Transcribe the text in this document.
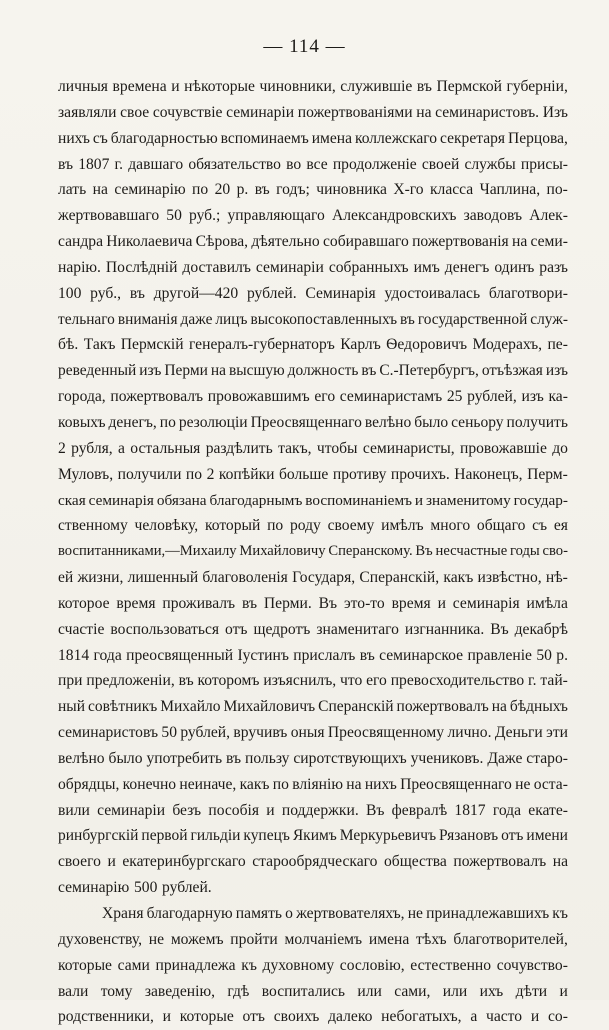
— 114 —
личныя времена и нѣкоторые чиновники, служившіе въ Пермской губерніи,
заявляли свое сочувствіе семинаріи пожертвованіями на семинаристовъ. Изъ
нихъ съ благодарностью вспоминаемъ имена коллежскаго секретаря Перцова,
въ 1807 г. давшаго обязательство во все продолженіе своей службы присы-
лать на семинарію по 20 р. въ годъ; чиновника Х-го класса Чаплина, по-
жертвовавшаго 50 руб.; управляющаго Александровскихъ заводовъ Алек-
сандра Николаевича Сѣрова, дѣятельно собиравшаго пожертвованія на семи-
нарію. Послѣдній доставилъ семинаріи собранныхъ имъ денегъ одинъ разъ
100 руб., въ другой—420 рублей. Семинарія удостоивалась благотвори-
тельнаго вниманія даже лицъ высокопоставленныхъ въ государственной служ-
бѣ. Такъ Пермскій генералъ-губернаторъ Карлъ Ѳедоровичъ Модерахъ, пе-
реведенный изъ Перми на высшую должность въ С.-Петербургъ, отъѣзжая изъ
города, пожертвовалъ провожавшимъ его семинаристамъ 25 рублей, изъ ка-
ковыхъ денегъ, по резолюціи Преосвященнаго велѣно было сеньору получить
2 рубля, а остальныя раздѣлить такъ, чтобы семинаристы, провожавшіе до
Муловъ, получили по 2 копѣйки больше противу прочихъ. Наконецъ, Перм-
ская семинарія обязана благодарнымъ воспоминаніемъ и знаменитому государ-
ственному человѣку, который по роду своему имѣлъ много общаго съ ея
воспитанниками,—Михаилу Михайловичу Сперанскому. Въ несчастные годы сво-
ей жизни, лишенный благоволенія Государя, Сперанскій, какъ извѣстно, нѣ-
которое время проживалъ въ Перми. Въ это-то время и семинарія имѣла
счастіе воспользоваться отъ щедротъ знаменитаго изгнанника. Въ декабрѣ
1814 года преосвященный Іустинъ прислалъ въ семинарское правленіе 50 р.
при предложеніи, въ которомъ изъяснилъ, что его превосходительство г. тай-
ный совѣтникъ Михайло Михайловичъ Сперанскій пожертвовалъ на бѣдныхъ
семинаристовъ 50 рублей, вручивъ оныя Преосвященному лично. Деньги эти
велѣно было употребить въ пользу сиротствующихъ учениковъ. Даже старо-
обрядцы, конечно неиначе, какъ по вліянію на нихъ Преосвященнаго не оста-
вили семинаріи безъ пособія и поддержки. Въ февралѣ 1817 года екате-
ринбургскій первой гильдіи купецъ Якимъ Меркурьевичъ Рязановъ отъ имени
своего и екатеринбургскаго старообрядческаго общества пожертвовалъ на
семинарію 500 рублей.
Храня благодарную память о жертвователяхъ, не принадлежавшихъ къ
духовенству, не можемъ пройти молчаніемъ имена тѣхъ благотворителей,
которые сами принадлежа къ духовному сословію, естественно сочувство-
вали тому заведенію, гдѣ воспитались или сами, или ихъ дѣти и
родственники, и которые отъ своихъ далеко небогатыхъ, а часто и со-
